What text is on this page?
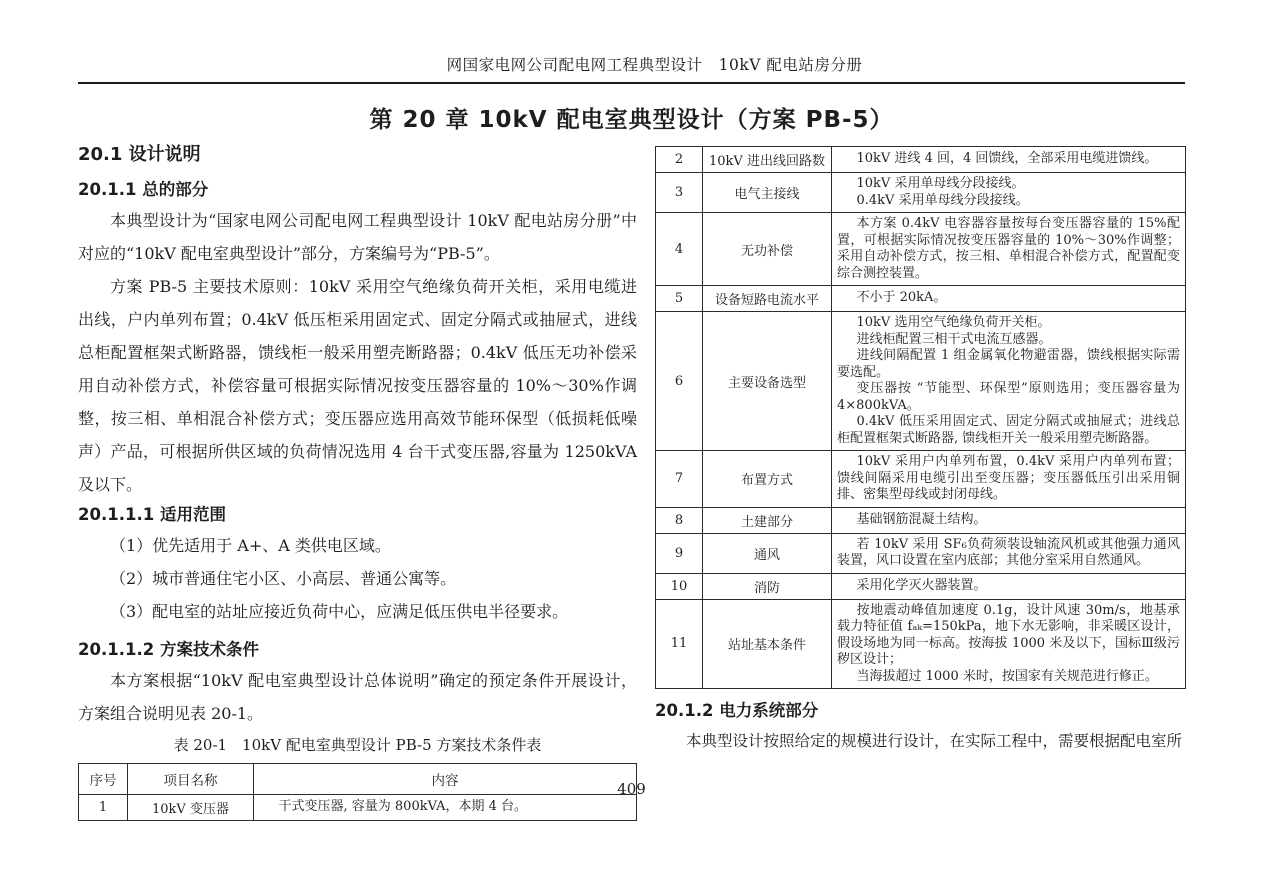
网国家电网公司配电网工程典型设计　10kV 配电站房分册
第 20 章 10kV 配电室典型设计（方案 PB-5）
20.1 设计说明
20.1.1 总的部分

本典型设计为“国家电网公司配电网工程典型设计 10kV 配电站房分册”中对应的“10kV 配电室典型设计”部分，方案编号为“PB-5”。

方案 PB-5 主要技术原则：10kV 采用空气绝缘负荷开关柜，采用电缆进出线，户内单列布置；0.4kV 低压柜采用固定式、固定分隔式或抽屉式，进线总柜配置框架式断路器，馈线柜一般采用塑壳断路器；0.4kV 低压无功补偿采用自动补偿方式，补偿容量可根据实际情况按变压器容量的 10%～30%作调整，按三相、单相混合补偿方式；变压器应选用高效节能环保型（低损耗低噪声）产品，可根据所供区域的负荷情况选用 4 台干式变压器,容量为 1250kVA 及以下。

20.1.1.1 适用范围
（1）优先适用于 A+、A 类供电区域。
（2）城市普通住宅小区、小高层、普通公寓等。
（3）配电室的站址应接近负荷中心，应满足低压供电半径要求。
20.1.1.2 方案技术条件

本方案根据“10kV 配电室典型设计总体说明”确定的预定条件开展设计，方案组合说明见表 20-1。

表 20-1　10kV 配电室典型设计 PB-5 方案技术条件表
序号	项目名称	内容
1	10kV 变压器	干式变压器, 容量为 800kVA，本期 4 台。
2	10kV 进出线回路数	10kV 进线 4 回，4 回馈线，全部采用电缆进馈线。

3	电气主接线	10kV 采用单母线分段接线。
0.4kV 采用单母线分段接线。

4	无功补偿	本方案 0.4kV 电容器容量按每台变压器容量的 15%配置，可根据实际情况按变压器容量的 10%～30%作调整；采用自动补偿方式，按三相、单相混合补偿方式，配置配变综合测控装置。

5	设备短路电流水平	不小于 20kA。

6	主要设备选型	10kV 选用空气绝缘负荷开关柜。
进线柜配置三相干式电流互感器。
进线间隔配置 1 组金属氧化物避雷器，馈线根据实际需要选配。
变压器按 “节能型、环保型”原则选用；变压器容量为 4×800kVA。
0.4kV 低压采用固定式、固定分隔式或抽屉式；进线总柜配置框架式断路器, 馈线柜开关一般采用塑壳断路器。

7	布置方式	10kV 采用户内单列布置，0.4kV 采用户内单列布置；馈线间隔采用电缆引出至变压器；变压器低压引出采用铜排、密集型母线或封闭母线。

8	土建部分	基础钢筋混凝土结构。

9	通风	若 10kV 采用 SF₆负荷须装设轴流风机或其他强力通风装置，风口设置在室内底部；其他分室采用自然通风。

10	消防	采用化学灭火器装置。

11	站址基本条件	按地震动峰值加速度 0.1g，设计风速 30m/s，地基承载力特征值 fₐₖ=150kPa，地下水无影响，非采暖区设计，假设场地为同一标高。按海拔 1000 米及以下，国标Ⅲ级污秽区设计；
当海拔超过 1000 米时，按国家有关规范进行修正。
20.1.2 电力系统部分

本典型设计按照给定的规模进行设计，在实际工程中，需要根据配电室所

409
